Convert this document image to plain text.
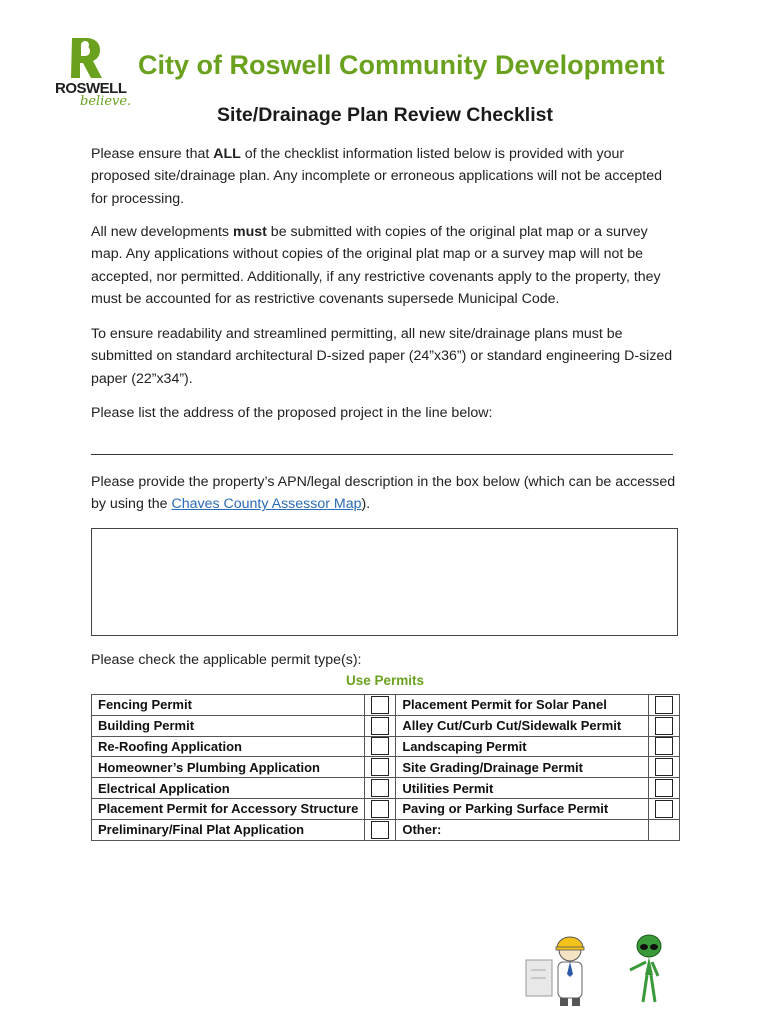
ROSWELL
believe.
City of Roswell Community Development
Site/Drainage Plan Review Checklist

Please ensure that ALL of the checklist information listed below is provided with your proposed site/drainage plan. Any incomplete or erroneous applications will not be accepted for processing.

All new developments must be submitted with copies of the original plat map or a survey map. Any applications without copies of the original plat map or a survey map will not be accepted, nor permitted. Additionally, if any restrictive covenants apply to the property, they must be accounted for as restrictive covenants supersede Municipal Code.

To ensure readability and streamlined permitting, all new site/drainage plans must be submitted on standard architectural D-sized paper (24”x36”) or standard engineering D-sized paper (22”x34”).

Please list the address of the proposed project in the line below:

Please provide the property’s APN/legal description in the box below (which can be accessed by using the Chaves County Assessor Map).

Please check the applicable permit type(s):

Use Permits

Fencing Permit		Placement Permit for Solar Panel	

Building Permit		Alley Cut/Curb Cut/Sidewalk Permit	

Re-Roofing Application		Landscaping Permit	

Homeowner’s Plumbing Application		Site Grading/Drainage Permit	

Electrical Application		Utilities Permit	

Placement Permit for Accessory Structure		Paving or Parking Surface Permit	

Preliminary/Final Plat Application		Other:	
